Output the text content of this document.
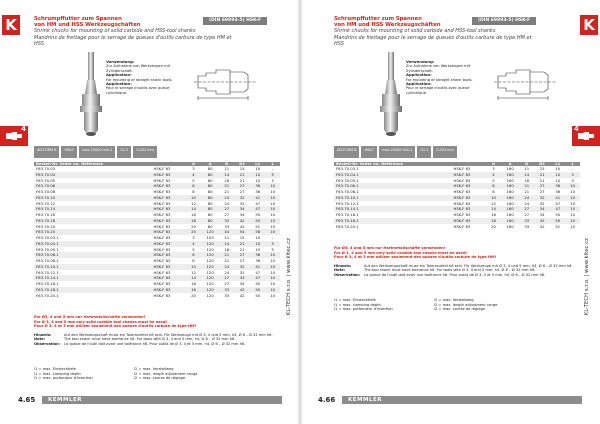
Schrumpffutter zum Spannen
von HM und HSS Werkzeugschäften
Shrink chucks for mounting of solid carbide and HSS-tool shanks
Mandrins de frettage pour le serrage de queues d'outils carbure de type HM et HSS
(DIN 69893-5) HSK-F
K
4
Verwendung:
Zur Aufnahme von Werkzeugen mit Zylinderschaft.
Application:
For mounting of straight shank tools.
Application:
Pour le serrage d'outils avec queue cylindrique.
AD-FORM B	HSK-F	max 25000 min-1	G2.5	0.003 mm
Bestell-Nr. Order no. Référence		d	A	D	D1	L1	L
F63.70.03	HSK-F 63	3	80	11	15	10	–
F63.70.04	HSK-F 63	4	80	14	21	10	5
F63.70.05	HSK-F 63	5	80	16	21	10	5
F63.70.06	HSK-F 63	6	80	21	27	36	10
F63.70.08	HSK-F 63	8	80	21	27	36	10
F63.70.10	HSK-F 63	10	80	24	32	41	10
F63.70.12	HSK-F 63	12	80	24	32	47	10
F63.70.14	HSK-F 63	14	80	27	34	47	10
F63.70.16	HSK-F 63	16	80	27	34	50	10
F63.70.18	HSK-F 63	18	80	33	42	50	10
F63.70.20	HSK-F 63	20	80	33	42	51	10
F63.70.25	HSK-F 63	25	120	44	54	58	10
F63.70.03.1	HSK-F 63	3	120	11	15	10	–
F63.70.04.1	HSK-F 63	4	120	14	21	10	5
F63.70.05.1	HSK-F 63	5	120	16	21	10	5
F63.70.06.1	HSK-F 63	6	120	21	27	36	10
F63.70.08.1	HSK-F 63	8	120	21	27	36	10
F63.70.10.1	HSK-F 63	10	120	24	32	41	10
F63.70.12.1	HSK-F 63	12	120	24	32	47	10
F63.70.14.1	HSK-F 63	14	120	27	34	47	10
F63.70.16.1	HSK-F 63	16	120	27	34	50	10
F63.70.18.1	HSK-F 63	18	120	33	42	50	10
F63.70.20.1	HSK-F 63	20	120	33	42	50	10
Für Ø3, 4 und 5 mm nur Hartmetallschäfte verwenden!
For Ø 3, 4 and 5 mm only solid carbide tool shanks must be used!
Pour Ø 3, 4 et 5 mm utiliser seulement des queues d'outils carbure de type HM!
Hinweis:	Auf den Werkzeugschaft muss ein Toleranzfeld h6 sein. Für Werkzeuge mit Ø 3, 4 und 5 mm, h4, Ø 6 – Ø 32 mm h6.
Note:	The tool shank must have tolerance h6. For tools with Ø 3, 4 and 5 mm, h4, Ø 6 – Ø 32 mm h6.
Observation:	La queue de l'outil doit avoir une tolérance h6. Pour outils de Ø 3, 4 et 5 mm, h4, Ø 6 – Ø 32 mm h6.
l1 = max. Einstecktiefe	l2 = max. Verstellweg
l1 = max. clamping depth	l2 = max. length adjustment range
l1 = max. profondeur d'insertion	l2 = max. course de réglage
KL-TECH s.r.o. | www.kltec.cz
4.65	KEMMLER
Schrumpffutter zum Spannen
von HM und HSS Werkzeugschäften
Shrink chucks for mounting of solid carbide and HSS-tool shanks
Mandrins de frettage pour le serrage de queues d'outils carbure de type HM et HSS
(DIN 69893-5) HSK-F	K
4
Verwendung:
Zur Aufnahme von Werkzeugen mit Zylinderschaft.
Application:
For mounting of straight shank tools.
Application:
Pour le serrage d'outils avec queue cylindrique.
AD-FORM B	HSK-F	max 25000 min-1	G2.5	0.003 mm
Bestell-Nr. Order no. Référence		d	A	D	D1	L1	L
F63.70.03.1	HSK-F 63	3	160	11	15	10	–
F63.70.04.1	HSK-F 63	4	160	14	21	10	5
F63.70.05.1	HSK-F 63	5	160	16	21	10	5
F63.70.06.1	HSK-F 63	6	160	21	27	36	10
F63.70.08.1	HSK-F 63	8	160	21	27	36	10
F63.70.10.1	HSK-F 63	10	160	24	32	41	10
F63.70.12.1	HSK-F 63	12	160	24	32	47	10
F63.70.14.1	HSK-F 63	14	160	27	34	47	10
F63.70.16.1	HSK-F 63	16	160	27	34	50	10
F63.70.18.1	HSK-F 63	18	160	33	42	50	10
F63.70.20.1	HSK-F 63	20	160	33	42	51	10
Für Ø3, 4 und 5 mm nur Hartmetallschäfte verwenden!
For Ø 3, 4 and 5 mm only solid carbide tool shanks must be used!
Pour Ø 3, 4 et 5 mm utiliser seulement des queues d'outils carbure de type HM!
Hinweis:	Auf den Werkzeugschaft muss ein Toleranzfeld h6 sein. Für Werkzeuge mit Ø 3, 4 und 5 mm, h4, Ø 6 – Ø 32 mm h6.
Note:	The tool shank must have tolerance h6. For tools with Ø 3, 4 and 5 mm, h4, Ø 6 – Ø 32 mm h6.
Observation:	La queue de l'outil doit avoir une tolérance h6. Pour outils de Ø 3, 4 et 5 mm, h4, Ø 6 – Ø 32 mm h6.
l1 = max. Einstecktiefe	l2 = max. Verstellweg
l1 = max. clamping depth	l2 = max. length adjustment range
l1 = max. profondeur d'insertion	l2 = max. course de réglage	KL-TECH s.r.o. | www.kltec.cz
4.66	KEMMLER
